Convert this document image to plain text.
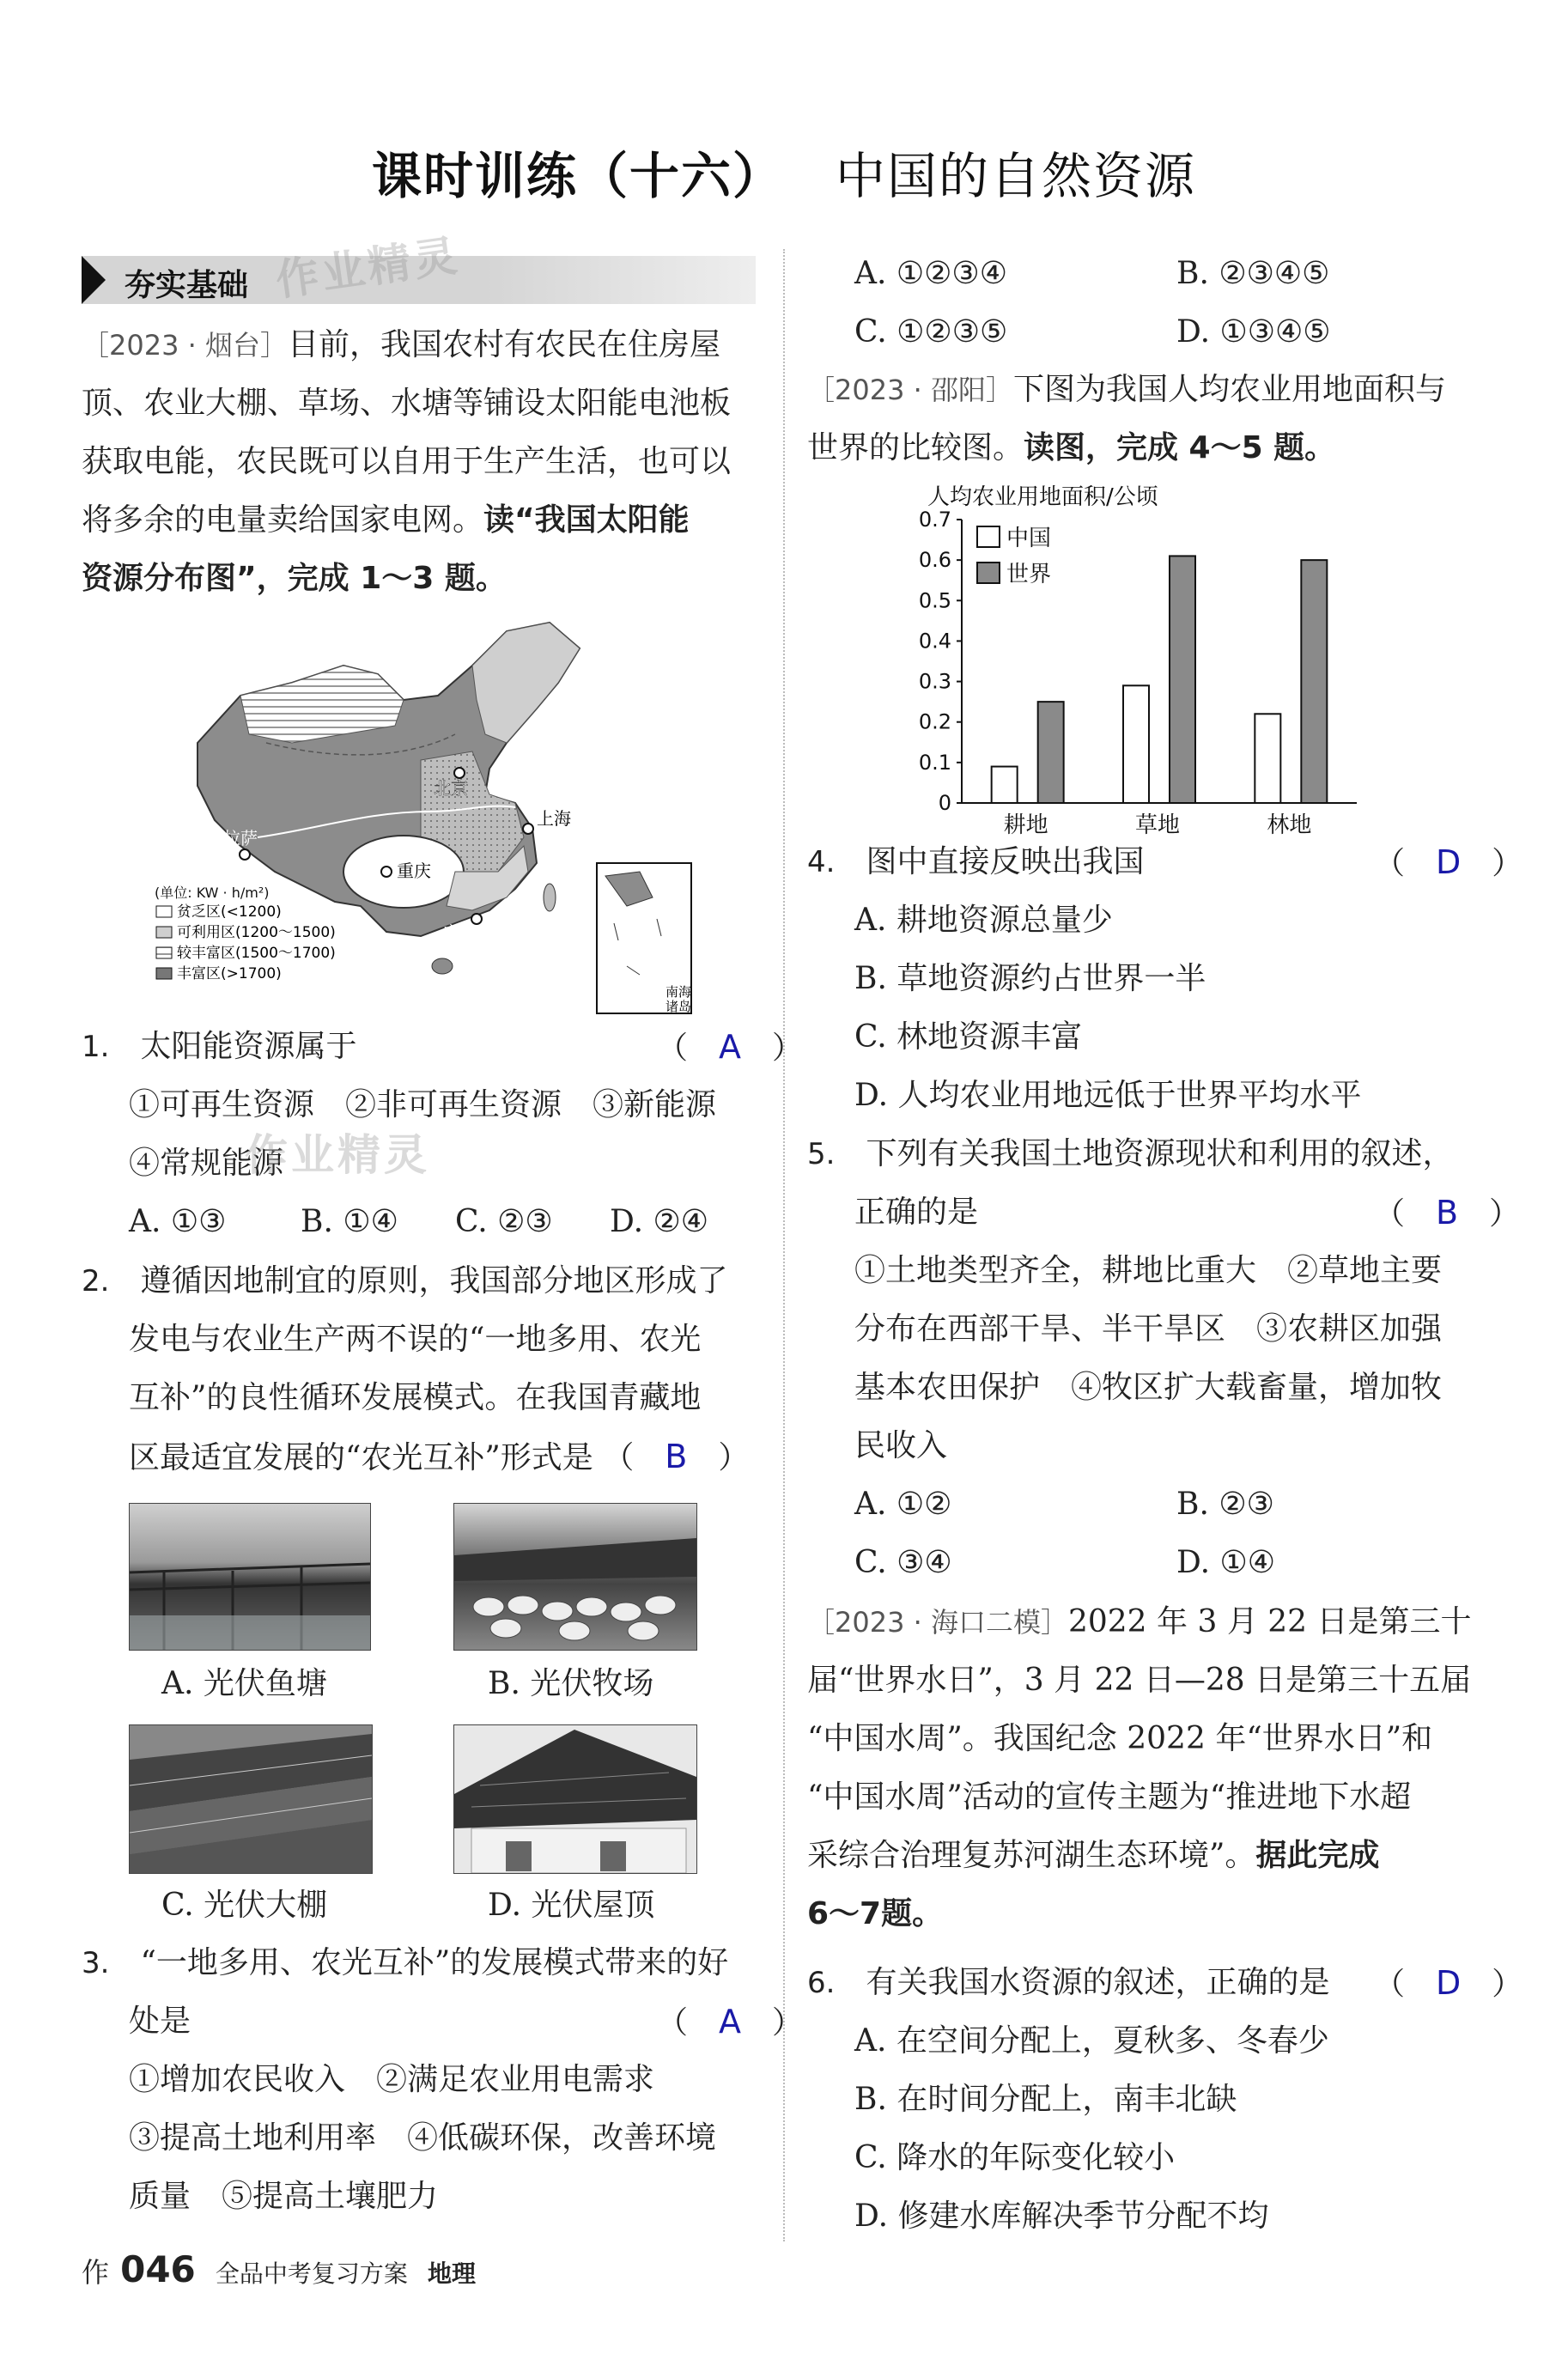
课时训练（十六） 中国的自然资源
夯实基础 作业精灵
［2023 · 烟台］目前，我国农村有农民在住房屋
顶、农业大棚、草场、水塘等铺设太阳能电池板
获取电能，农民既可以自用于生产生活，也可以
将多余的电量卖给国家电网。读“我国太阳能
资源分布图”，完成 1～3 题。
北京
上海
拉萨
重庆
广州
(单位: KW · h/m²)
贫乏区(<1200)
可利用区(1200～1500)
较丰富区(1500～1700)
丰富区(>1700)
南海
诸岛
1.　 太阳能资源属于	（　A　）
①可再生资源　②非可再生资源　③新能源
④常规能源
A. ①③ B. ①④ C. ②③ D. ②④
作业精灵
2.　 遵循因地制宜的原则，我国部分地区形成了
发电与农业生产两不误的“一地多用、农光
互补”的良性循环发展模式。在我国青藏地
区最适宜发展的“农光互补”形式是 （　B　）
A. 光伏鱼塘	B. 光伏牧场
C. 光伏大棚	D. 光伏屋顶
3.　 “一地多用、农光互补”的发展模式带来的好
处是	（　A　）
①增加农民收入　②满足农业用电需求
③提高土地利用率　④低碳环保，改善环境
质量　⑤提高土壤肥力
A. ①②③④	B. ②③④⑤
C. ①②③⑤	D. ①③④⑤
［2023 · 邵阳］下图为我国人均农业用地面积与
世界的比较图。读图，完成 4～5 题。
人均农业用地面积/公顷
0
0.1
0.2
0.3
0.4
0.5
0.6
0.7
耕地	草地	林地
中国
世界
4.　 图中直接反映出我国	（　D　）
A. 耕地资源总量少
B. 草地资源约占世界一半
C. 林地资源丰富
D. 人均农业用地远低于世界平均水平
5.　 下列有关我国土地资源现状和利用的叙述，
正确的是	（　B　）
①土地类型齐全，耕地比重大　②草地主要
分布在西部干旱、半干旱区　③农耕区加强
基本农田保护　④牧区扩大载畜量，增加牧
民收入
A. ①②	B. ②③
C. ③④	D. ①④
［2023 · 海口二模］2022 年 3 月 22 日是第三十
届“世界水日”，3 月 22 日—28 日是第三十五届
“中国水周”。我国纪念 2022 年“世界水日”和
“中国水周”活动的宣传主题为“推进地下水超
采综合治理复苏河湖生态环境”。据此完成
6～7题。
6.　 有关我国水资源的叙述，正确的是 （　D　）
A. 在空间分配上，夏秋多、冬春少
B. 在时间分配上，南丰北缺
C. 降水的年际变化较小
D. 修建水库解决季节分配不均
作 046 全品中考复习方案 地理
